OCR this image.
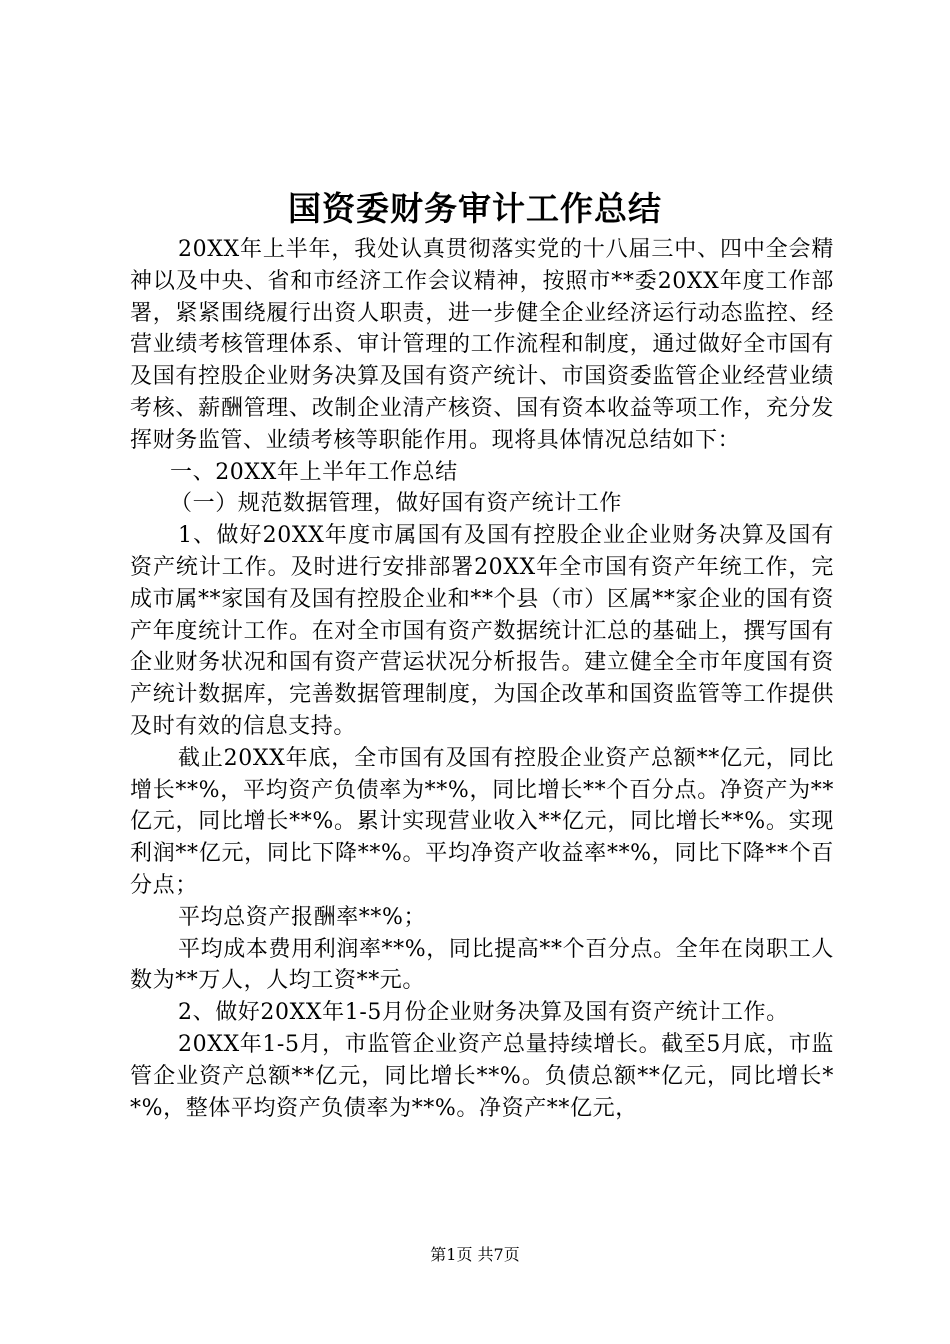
国资委财务审计工作总结

20XX年上半年，我处认真贯彻落实党的十八届三中、四中全会精神以及中央、省和市经济工作会议精神，按照市**委20XX年度工作部署，紧紧围绕履行出资人职责，进一步健全企业经济运行动态监控、经营业绩考核管理体系、审计管理的工作流程和制度，通过做好全市国有及国有控股企业财务决算及国有资产统计、市国资委监管企业经营业绩考核、薪酬管理、改制企业清产核资、国有资本收益等项工作，充分发挥财务监管、业绩考核等职能作用。现将具体情况总结如下：

一、20XX年上半年工作总结

（一）规范数据管理，做好国有资产统计工作

1、做好20XX年度市属国有及国有控股企业企业财务决算及国有资产统计工作。及时进行安排部署20XX年全市国有资产年统工作，完成市属**家国有及国有控股企业和**个县（市）区属**家企业的国有资产年度统计工作。在对全市国有资产数据统计汇总的基础上，撰写国有企业财务状况和国有资产营运状况分析报告。建立健全全市年度国有资产统计数据库，完善数据管理制度，为国企改革和国资监管等工作提供及时有效的信息支持。

截止20XX年底，全市国有及国有控股企业资产总额**亿元，同比增长**%，平均资产负债率为**%，同比增长**个百分点。净资产为**亿元，同比增长**%。累计实现营业收入**亿元，同比增长**%。实现利润**亿元，同比下降**%。平均净资产收益率**%，同比下降**个百分点；

平均总资产报酬率**%；

平均成本费用利润率**%，同比提高**个百分点。全年在岗职工人数为**万人，人均工资**元。

2、做好20XX年1-5月份企业财务决算及国有资产统计工作。

20XX年1-5月，市监管企业资产总量持续增长。截至5月底，市监管企业资产总额**亿元，同比增长**%。负债总额**亿元，同比增长**%，整体平均资产负债率为**%。净资产**亿元，

第1页 共7页
